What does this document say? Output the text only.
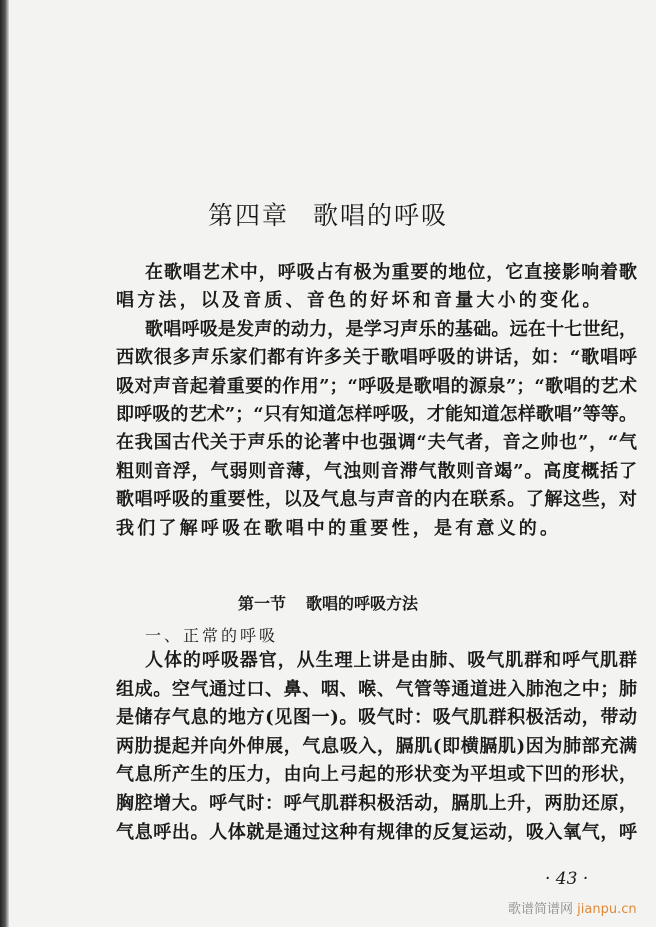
第四章 歌唱的呼吸
在歌唱艺术中，呼吸占有极为重要的地位，它直接影响着歌
唱方法，以及音质、音色的好坏和音量大小的变化。
歌唱呼吸是发声的动力，是学习声乐的基础。远在十七世纪，
西欧很多声乐家们都有许多关于歌唱呼吸的讲话，如：“歌唱呼
吸对声音起着重要的作用”；“呼吸是歌唱的源泉”；“歌唱的艺术
即呼吸的艺术”；“只有知道怎样呼吸，才能知道怎样歌唱”等等。
在我国古代关于声乐的论著中也强调“夫气者，音之帅也”，“气
粗则音浮，气弱则音薄，气浊则音滞气散则音竭”。高度概括了
歌唱呼吸的重要性，以及气息与声音的内在联系。了解这些，对
我们了解呼吸在歌唱中的重要性，是有意义的。
第一节 歌唱的呼吸方法
一、正常的呼吸
人体的呼吸器官，从生理上讲是由肺、吸气肌群和呼气肌群
组成。空气通过口、鼻、咽、喉、气管等通道进入肺泡之中；肺
是储存气息的地方(见图一)。吸气时：吸气肌群积极活动，带动
两肋提起并向外伸展，气息吸入，膈肌(即横膈肌)因为肺部充满
气息所产生的压力，由向上弓起的形状变为平坦或下凹的形状，
胸腔增大。呼气时：呼气肌群积极活动，膈肌上升，两肋还原，
气息呼出。人体就是通过这种有规律的反复运动，吸入氧气，呼
· 43 ·
歌谱简谱网 jianpu.cn
